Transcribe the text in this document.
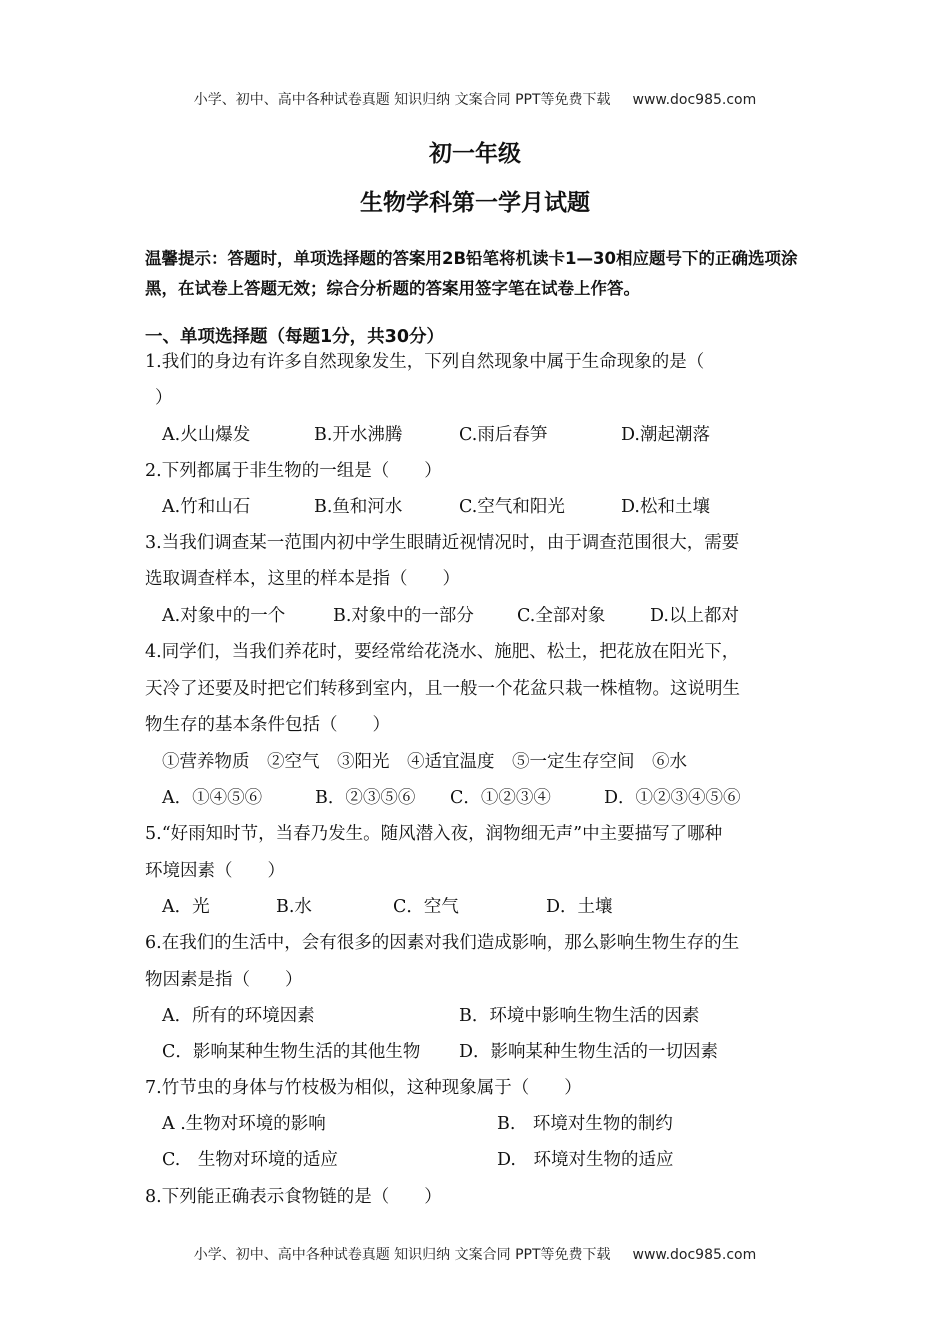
小学、初中、高中各种试卷真题 知识归纳 文案合同 PPT等免费下载 www.doc985.com
初一年级
生物学科第一学月试题
温馨提示：答题时，单项选择题的答案用2B铅笔将机读卡1—30相应题号下的正确选项涂黑，在试卷上答题无效；综合分析题的答案用签字笔在试卷上作答。
一、单项选择题（每题1分，共30分）
1.我们的身边有许多自然现象发生，下列自然现象中属于生命现象的是（
）
A.火山爆发	B.开水沸腾	C.雨后春笋	D.潮起潮落
2.下列都属于非生物的一组是（　　）
A.竹和山石	B.鱼和河水	C.空气和阳光	D.松和土壤
3.当我们调查某一范围内初中学生眼睛近视情况时，由于调查范围很大，需要
选取调查样本，这里的样本是指（　　）
A.对象中的一个	B.对象中的一部分 C.全部对象	D.以上都对
4.同学们，当我们养花时，要经常给花浇水、施肥、松土，把花放在阳光下，
天冷了还要及时把它们转移到室内，且一般一个花盆只栽一株植物。这说明生
物生存的基本条件包括（　　）
①营养物质　②空气　③阳光　④适宜温度　⑤一定生存空间　⑥水
A．①④⑤⑥	B．②③⑤⑥ C．①②③④	D．①②③④⑤⑥
5.“好雨知时节，当春乃发生。随风潜入夜，润物细无声”中主要描写了哪种
环境因素（　　）
A．光	B.水	C．空气	D．土壤
6.在我们的生活中，会有很多的因素对我们造成影响，那么影响生物生存的生
物因素是指（　　）
A．所有的环境因素	B．环境中影响生物生活的因素
C．影响某种生物生活的其他生物 D．影响某种生物生活的一切因素
7.竹节虫的身体与竹枝极为相似，这种现象属于（　　）
A .生物对环境的影响	B.　环境对生物的制约
C.　生物对环境的适应	D.　环境对生物的适应
8.下列能正确表示食物链的是（　　）
小学、初中、高中各种试卷真题 知识归纳 文案合同 PPT等免费下载 www.doc985.com
